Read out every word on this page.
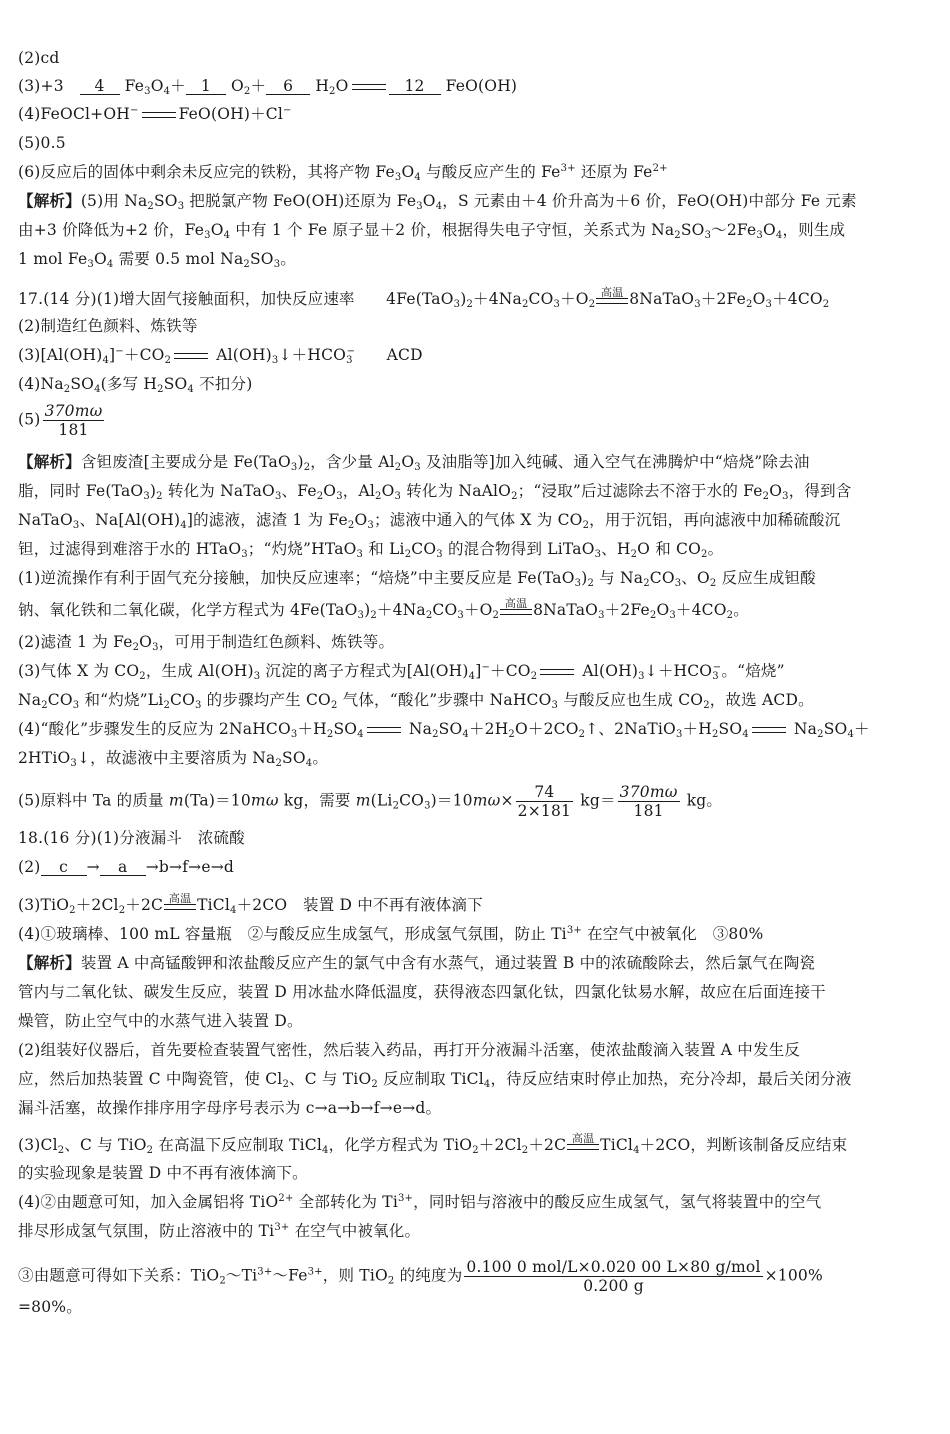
(2)cd
(3)+3　 4 $Fe_3O_4+ 1$ $O_2+ 6$ $H_2O$	12 FeO(OH)
(4)FeOCl+OH−	FeO(OH)＋Cl−
(5)0.5
(6)反应后的固体中剩余未反应完的铁粉，其将产物 $Fe_3O_4$ 与酸反应产生的 $Fe^{3+}$ 还原为 $Fe^{2+}$
【解析】(5)用 $Na_2SO_3$ 把脱氯产物 FeO(OH)还原为 $Fe_3O_4$，S 元素由＋4 价升高为＋6 价，FeO(OH)中部分 Fe 元素
由+3 价降低为+2 价，$Fe_3O_4$ 中有 1 个 Fe 原子显＋2 价，根据得失电子守恒，关系式为 $Na_2SO_3\sim 2Fe_3O_4$，则生成
1 mol $Fe_3O_4$ 需要 0.5 mol $Na_2SO_3$。
17.(14 分)(1)增大固气接触面积，加快反应速率　　$4Fe(TaO_3)_2+4Na_2CO_3+O_2$
高温 $8NaTaO_3+2Fe_2O_3+4CO_2$
(2)制造红色颜料、炼铁等
$(3)[Al(OH)_4]^-+CO_2$	$Al(OH)_3↓+HCO_3^-$　　 ACD
$(4)Na_2SO_4$(多写 $H_2SO_4$ 不扣分)
$(5) \frac{370m\omega}{181}$
【解析】含钽废渣[主要成分是 $Fe(TaO_3)_2$，含少量 $Al_2O_3$ 及油脂等]加入纯碱、通入空气在沸腾炉中“焙烧”除去油
脂，同时 $Fe(TaO_3)_2$ 转化为 NaTaO$_3$、$Fe_2O_3$，$Al_2O_3$ 转化为 NaAlO$_2$；“浸取”后过滤除去不溶于水的 $Fe_2O_3$，得到含
NaTaO$_3$、$Na[Al(OH)_4]$的滤液，滤渣 1 为 $Fe_2O_3$；滤液中通入的气体 X 为 $CO_2$，用于沉铝，再向滤液中加稀硫酸沉
钽，过滤得到难溶于水的 HTaO$_3$；“灼烧”HTaO$_3$ 和 $Li_2CO_3$ 的混合物得到 LiTaO$_3$、$H_2O$ 和 $CO_2$。
(1)逆流操作有利于固气充分接触，加快反应速率；“焙烧”中主要反应是 $Fe(TaO_3)_2$ 与 $Na_2CO_3$、$O_2$ 反应生成钽酸
钠、氧化铁和二氧化碳，化学方程式为 $4Fe(TaO_3)_2+4Na_2CO_3+O_2$
高温 $8NaTaO_3+2Fe_2O_3+4CO_2$。
(2)滤渣 1 为 $Fe_2O_3$，可用于制造红色颜料、炼铁等。
(3)气体 X 为 $CO_2$，生成 $Al(OH)_3$ 沉淀的离子方程式为$[Al(OH)_4]^-+CO_2$	$Al(OH)_3↓+HCO_3^-$。“焙烧”
$Na_2CO_3$ 和“灼烧$”Li_2CO_3$ 的步骤均产生 $CO_2$ 气体，“酸化”步骤中 NaHCO$_3$ 与酸反应也生成 $CO_2$，故选 ACD。
(4)“酸化”步骤发生的反应为 $2NaHCO_3+H_2SO_4$	$Na_2SO_4+2H_2O+2CO_2↑$、$2NaTiO_3+H_2SO_4$	$Na_2SO_4+$
2HTiO$_3$↓，故滤液中主要溶质为 $Na_2SO_4$。
(5)原料中 Ta 的质量 m(Ta)＝10mω kg，需要 $m(Li_2CO_3)=10m\omega\times \frac{74}{2\times 181} kg= \frac{370m\omega}{181}$ kg。
18.(16 分)(1)分液漏斗　浓硫酸
(2) c → a →b→f→e→d
$(3)TiO_2+2Cl_2+2C$ 高温 TiCl$_4$＋2CO　装置 D 中不再有液体滴下
(4)①玻璃棒、100 mL 容量瓶　②与酸反应生成氢气，形成氢气氛围，防止 $Ti^{3+}$ 在空气中被氧化　③80%
【解析】装置 A 中高锰酸钾和浓盐酸反应产生的氯气中含有水蒸气，通过装置 B 中的浓硫酸除去，然后氯气在陶瓷
管内与二氧化钛、碳发生反应，装置 D 用冰盐水降低温度，获得液态四氯化钛，四氯化钛易水解，故应在后面连接干
燥管，防止空气中的水蒸气进入装置 D。
(2)组装好仪器后，首先要检查装置气密性，然后装入药品，再打开分液漏斗活塞，使浓盐酸滴入装置 A 中发生反
应，然后加热装置 C 中陶瓷管，使 $Cl_2$、C 与 TiO$_2$ 反应制取 TiCl$_4$，待反应结束时停止加热，充分冷却，最后关闭分液
漏斗活塞，故操作排序用字母序号表示为 c→a→b→f→e→d。
$(3)Cl_2$、C 与 TiO$_2$ 在高温下反应制取 TiCl$_4$，化学方程式为 $TiO_2+2Cl_2+2C$ 高温 TiCl$_4$＋2CO，判断该制备反应结束
的实验现象是装置 D 中不再有液体滴下。
(4)②由题意可知，加入金属铝将 TiO$^{2+}$ 全部转化为 $Ti^{3+}$，同时铝与溶液中的酸反应生成氢气，氢气将装置中的空气
排尽形成氢气氛围，防止溶液中的 $Ti^{3+}$ 在空气中被氧化。
③由题意可得如下关系：$TiO_2\sim Ti^{3+}\sim Fe^{3+}$，则 TiO$_2$ 的纯度为 $\frac{\text{0.100 0 mol/L×0.020 00 L×80 g/mol}}{0.200 g} \times 100\%$
=80%。
